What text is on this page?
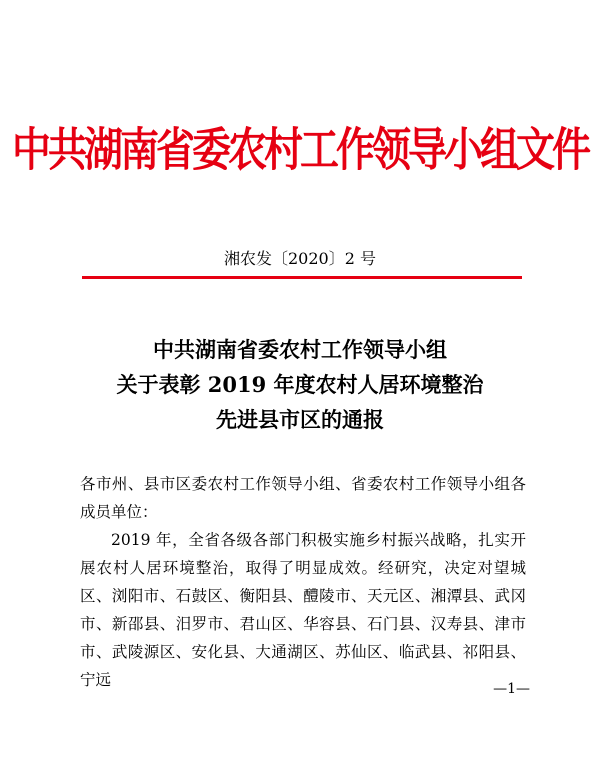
中共湖南省委农村工作领导小组文件
湘农发〔2020〕2 号
中共湖南省委农村工作领导小组
关于表彰 2019 年度农村人居环境整治
先进县市区的通报

各市州、县市区委农村工作领导小组、省委农村工作领导小组各成员单位：

2019 年，全省各级各部门积极实施乡村振兴战略，扎实开展农村人居环境整治，取得了明显成效。经研究，决定对望城区、浏阳市、石鼓区、衡阳县、醴陵市、天元区、湘潭县、武冈市、新邵县、汨罗市、君山区、华容县、石门县、汉寿县、津市市、武陵源区、安化县、大通湖区、苏仙区、临武县、祁阳县、宁远	—1—
